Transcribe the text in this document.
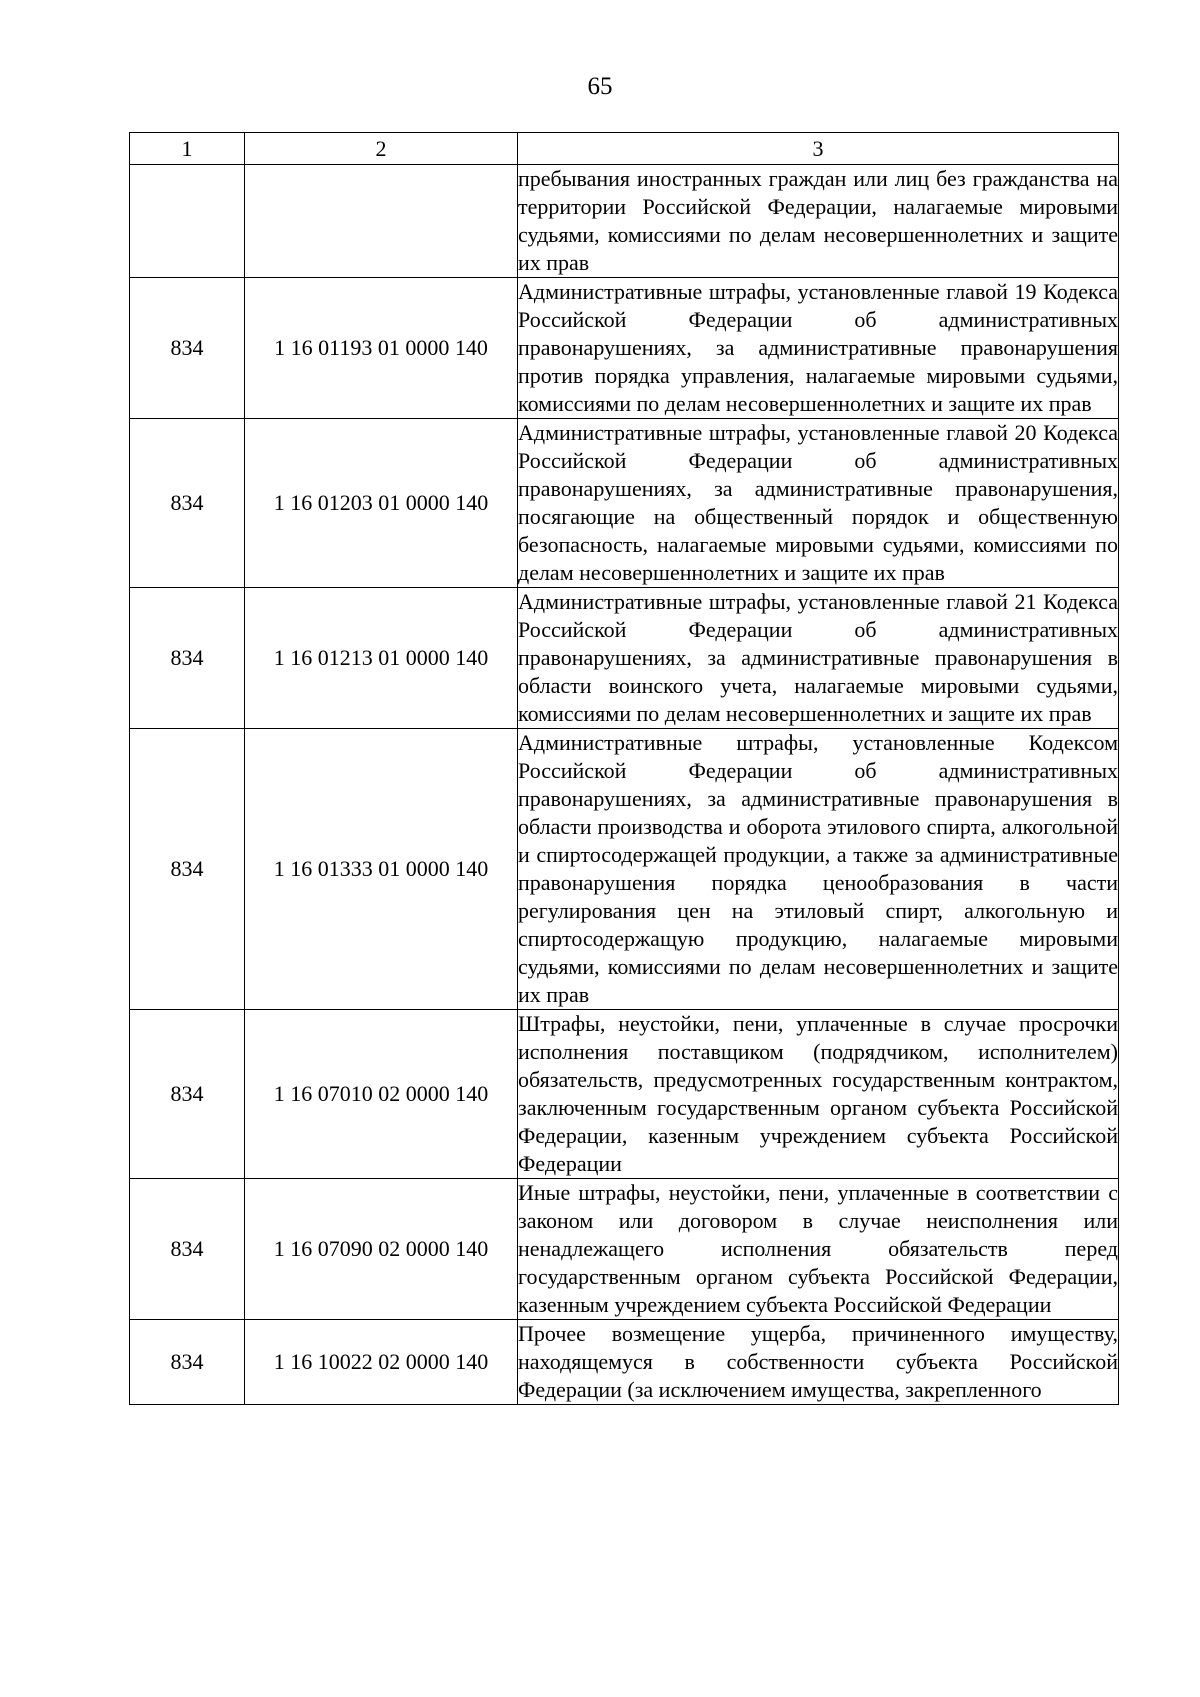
65
1	2	3

		пребывания иностранных граждан или лиц без гражданства на территории Российской Федерации, налагаемые мировыми судьями, комиссиями по делам несовершеннолетних и защите их прав

834	1 16 01193 01 0000 140	Административные штрафы, установленные главой 19 Кодекса Российской Федерации об административных правонарушениях, за административные правонарушения против порядка управления, налагаемые мировыми судьями, комиссиями по делам несовершеннолетних и защите их прав

834	1 16 01203 01 0000 140	Административные штрафы, установленные главой 20 Кодекса Российской Федерации об административных правонарушениях, за административные правонарушения, посягающие на общественный порядок и общественную безопасность, налагаемые мировыми судьями, комиссиями по делам несовершеннолетних и защите их прав

834	1 16 01213 01 0000 140	Административные штрафы, установленные главой 21 Кодекса Российской Федерации об административных правонарушениях, за административные правонарушения в области воинского учета, налагаемые мировыми судьями, комиссиями по делам несовершеннолетних и защите их прав

834	1 16 01333 01 0000 140	Административные штрафы, установленные Кодексом Российской Федерации об административных правонарушениях, за административные правонарушения в области производства и оборота этилового спирта, алкогольной и спиртосодержащей продукции, а также за административные правонарушения порядка ценообразования в части регулирования цен на этиловый спирт, алкогольную и спиртосодержащую продукцию, налагаемые мировыми судьями, комиссиями по делам несовершеннолетних и защите их прав

834	1 16 07010 02 0000 140	Штрафы, неустойки, пени, уплаченные в случае просрочки исполнения поставщиком (подрядчиком, исполнителем) обязательств, предусмотренных государственным контрактом, заключенным государственным органом субъекта Российской Федерации, казенным учреждением субъекта Российской Федерации

834	1 16 07090 02 0000 140	Иные штрафы, неустойки, пени, уплаченные в соответствии с законом или договором в случае неисполнения или ненадлежащего исполнения обязательств перед государственным органом субъекта Российской Федерации, казенным учреждением субъекта Российской Федерации

834	1 16 10022 02 0000 140	Прочее возмещение ущерба, причиненного имуществу, находящемуся в собственности субъекта Российской Федерации (за исключением имущества, закрепленного
